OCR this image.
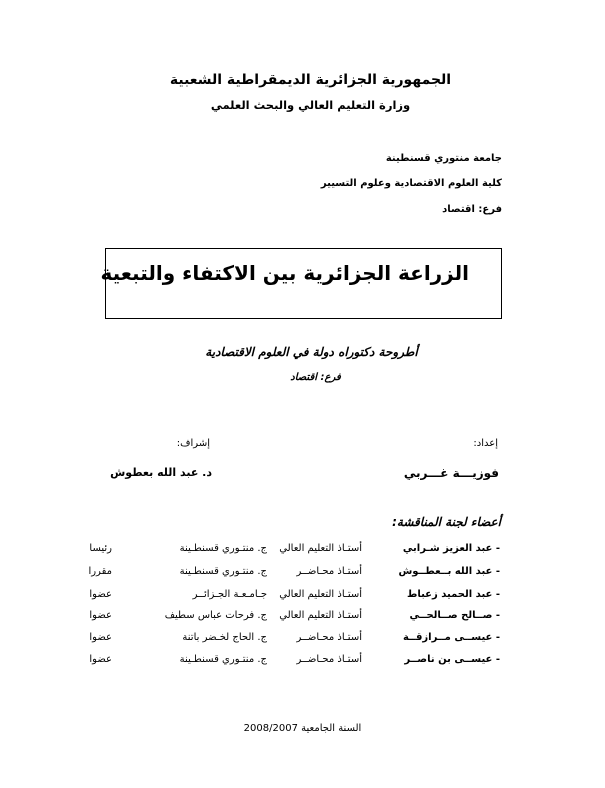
الجمهورية الجزائرية الديمقراطية الشعبية
وزارة التعليم العالي والبحث العلمي
جامعة منتوري قسنطينة
كلية العلوم الاقتصادية وعلوم التسيير
فرع: اقتصاد
الزراعة الجزائرية بين الاكتفاء والتبعية
أطروحة دكتوراه دولة في العلوم الاقتصادية
فرع: اقتصاد
إعداد:
فوزيـــة غـــربي
إشراف:
د. عبد الله بعطوش
أعضاء لجنة المناقشة:
- عبد العزيز شـرابي
أستـاذ التعليم العالي
ج. منتـوري قسنطـينة
رئيسا
- عبد الله بــعطــوش
أستـاذ محـاضــر
ج. منتـوري قسنطـينة
مقررا
- عبد الحميد زعباط
أستـاذ التعليم العالي
جـامـعـة الجـزائــر
عضوا
- صــالح صــالحــي
أستـاذ التعليم العالي
ج. فرحات عباس سطيف
عضوا
- عيســى مــرازقــة
أستـاذ محـاضــر
ج. الحاج لخـضر باتنة
عضوا
- عيســى بن ناصــر
أستـاذ محـاضــر
ج. منتـوري قسنطـينة
عضوا
السنة الجامعية 2008/2007
